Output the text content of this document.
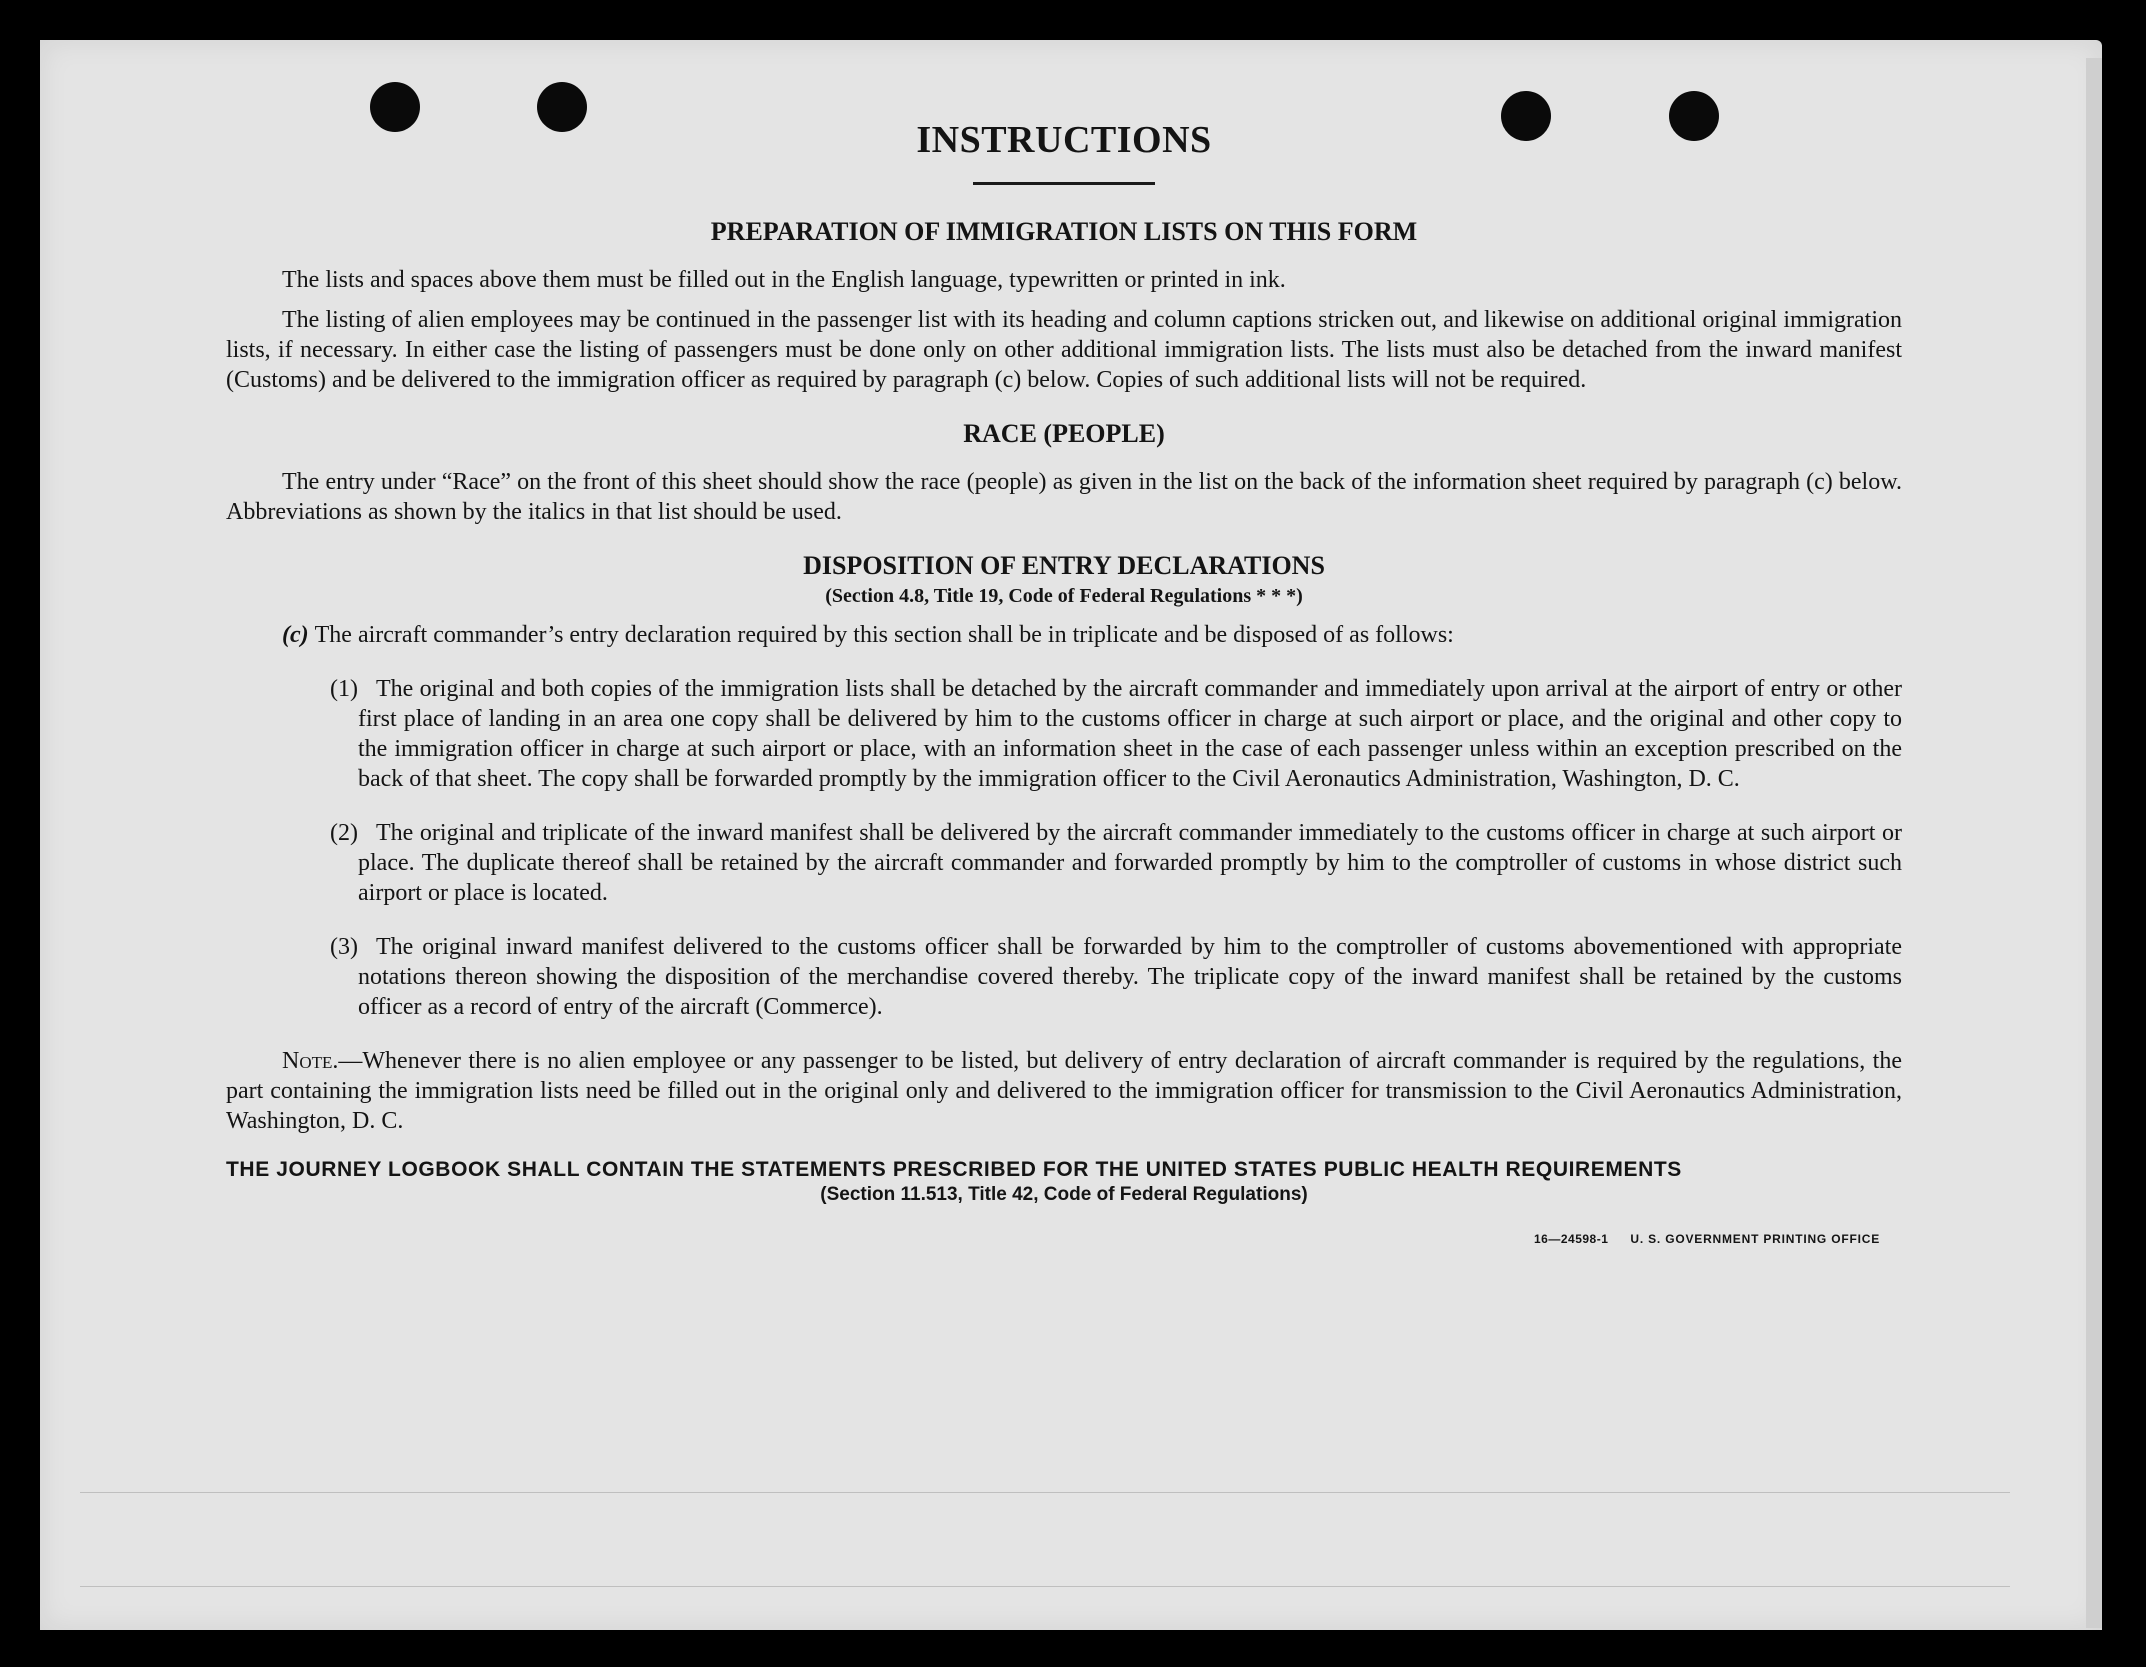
INSTRUCTIONS
PREPARATION OF IMMIGRATION LISTS ON THIS FORM

The lists and spaces above them must be filled out in the English language, typewritten or printed in ink.

The listing of alien employees may be continued in the passenger list with its heading and column captions stricken out, and likewise on additional original immigration lists, if necessary. In either case the listing of passengers must be done only on other additional immigration lists. The lists must also be detached from the inward manifest (Customs) and be delivered to the immigration officer as required by paragraph (c) below. Copies of such additional lists will not be required.

RACE (PEOPLE)

The entry under “Race” on the front of this sheet should show the race (people) as given in the list on the back of the information sheet required by paragraph (c) below. Abbreviations as shown by the italics in that list should be used.

DISPOSITION OF ENTRY DECLARATIONS
(Section 4.8, Title 19, Code of Federal Regulations * * *)

(c) The aircraft commander’s entry declaration required by this section shall be in triplicate and be disposed of as follows:

(1) The original and both copies of the immigration lists shall be detached by the aircraft commander and immediately upon arrival at the airport of entry or other first place of landing in an area one copy shall be delivered by him to the customs officer in charge at such airport or place, and the original and other copy to the immigration officer in charge at such airport or place, with an information sheet in the case of each passenger unless within an exception prescribed on the back of that sheet. The copy shall be forwarded promptly by the immigration officer to the Civil Aeronautics Administration, Washington, D. C.
(2) The original and triplicate of the inward manifest shall be delivered by the aircraft commander immediately to the customs officer in charge at such airport or place. The duplicate thereof shall be retained by the aircraft commander and forwarded promptly by him to the comptroller of customs in whose district such airport or place is located.
(3) The original inward manifest delivered to the customs officer shall be forwarded by him to the comptroller of customs abovementioned with appropriate notations thereon showing the disposition of the merchandise covered thereby. The triplicate copy of the inward manifest shall be retained by the customs officer as a record of entry of the aircraft (Commerce).

Note.—Whenever there is no alien employee or any passenger to be listed, but delivery of entry declaration of aircraft commander is required by the regulations, the part containing the immigration lists need be filled out in the original only and delivered to the immigration officer for transmission to the Civil Aeronautics Administration, Washington, D. C.

THE JOURNEY LOGBOOK SHALL CONTAIN THE STATEMENTS PRESCRIBED FOR THE UNITED STATES PUBLIC HEALTH REQUIREMENTS

(Section 11.513, Title 42, Code of Federal Regulations)
16—24598-1 U. S. GOVERNMENT PRINTING OFFICE
